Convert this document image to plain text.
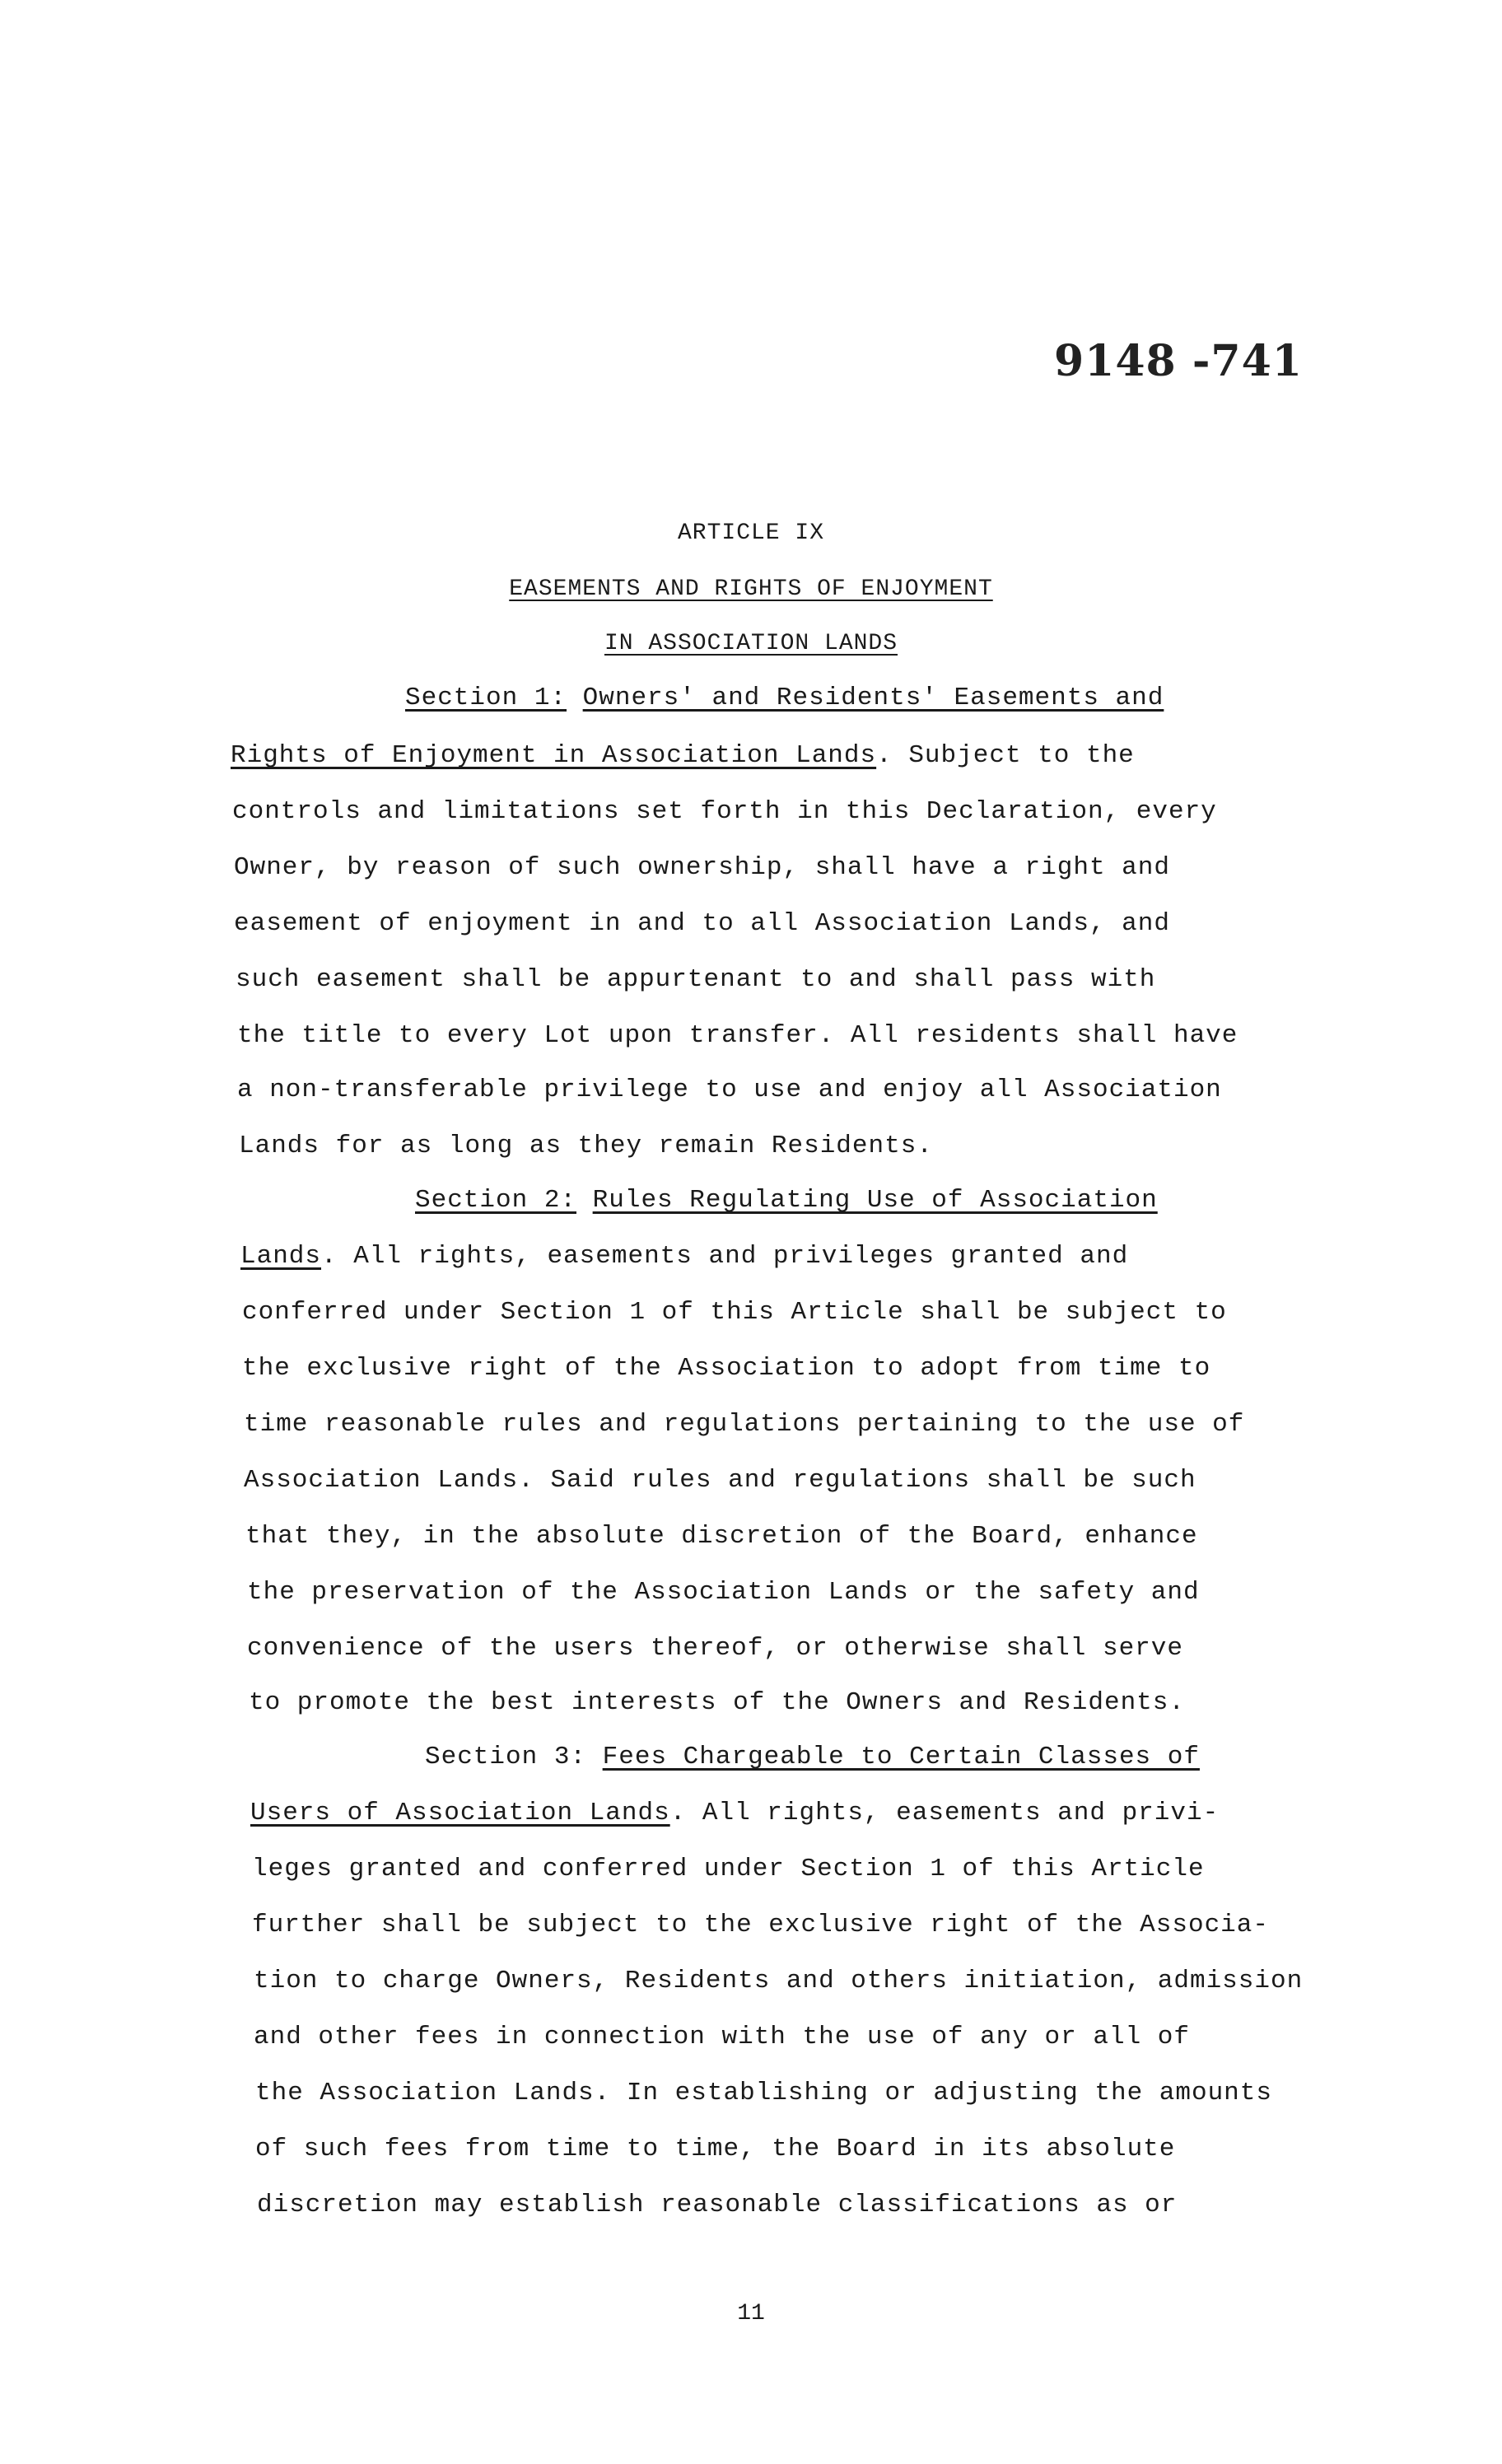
9148 -741
ARTICLE IX
EASEMENTS AND RIGHTS OF ENJOYMENT
IN ASSOCIATION LANDS
Section 1: Owners' and Residents' Easements and
Rights of Enjoyment in Association Lands. Subject to the
controls and limitations set forth in this Declaration, every
Owner, by reason of such ownership, shall have a right and
easement of enjoyment in and to all Association Lands, and
such easement shall be appurtenant to and shall pass with
the title to every Lot upon transfer. All residents shall have
a non-transferable privilege to use and enjoy all Association
Lands for as long as they remain Residents.
Section 2: Rules Regulating Use of Association
Lands. All rights, easements and privileges granted and
conferred under Section 1 of this Article shall be subject to
the exclusive right of the Association to adopt from time to
time reasonable rules and regulations pertaining to the use of
Association Lands. Said rules and regulations shall be such
that they, in the absolute discretion of the Board, enhance
the preservation of the Association Lands or the safety and
convenience of the users thereof, or otherwise shall serve
to promote the best interests of the Owners and Residents.
Section 3: Fees Chargeable to Certain Classes of
Users of Association Lands. All rights, easements and privi-
leges granted and conferred under Section 1 of this Article
further shall be subject to the exclusive right of the Associa-
tion to charge Owners, Residents and others initiation, admission
and other fees in connection with the use of any or all of
the Association Lands. In establishing or adjusting the amounts
of such fees from time to time, the Board in its absolute
discretion may establish reasonable classifications as or
11
